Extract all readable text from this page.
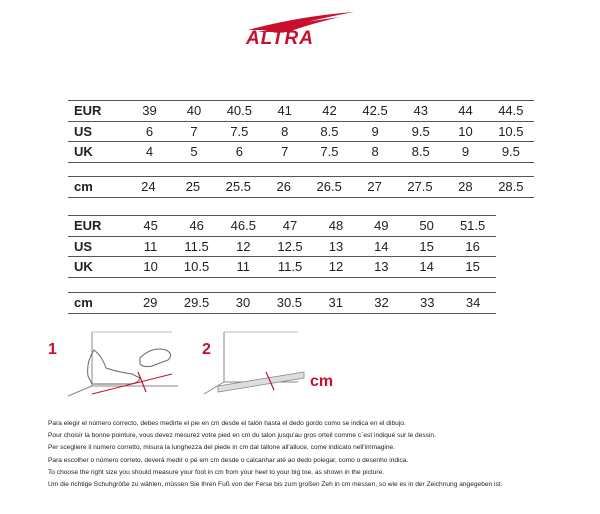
ALTRA
EUR	39	40	40.5	41	42	42.5	43	44	44.5
US	6	7	7.5	8	8.5	9	9.5	10	10.5
UK	4	5	6	7	7.5	8	8.5	9	9.5
cm	24	25	25.5	26	26.5	27	27.5	28	28.5
EUR	45	46	46.5	47	48	49	50	51.5
US	11	11.5	12	12.5	13	14	15	16
UK	10	10.5	11	11.5	12	13	14	15
cm	29	29.5	30	30.5	31	32	33	34
1	2
cm
Para elegir el número correcto, debes medirte el pie en cm desde el talón hasta el dedo gordo como se indica en el dibujo.
Pour choisir la bonne pointure, vous devez mesurez votre pied en cm du talon jusqu'au gros orteil comme c`est indiqué sur le dessin.
Per scegliere il numero corretto, misura la lunghezza del piede in cm dal tallone all'alluce, come indicato nell'immagine.
Para escolher o número correto, deverá medir o pé em cm desde o calcanhar até ao dedo polegar, como o desenho indica.
To choose the right size you should measure your foot in cm from your heel to your big toe, as shown in the picture.
Um die richtige Schuhgröße zu wählen, müssen Sie Ihren Fuß von der Ferse bis zum großen Zeh in cm messen, so wie es in der Zeichnung angegeben ist.
